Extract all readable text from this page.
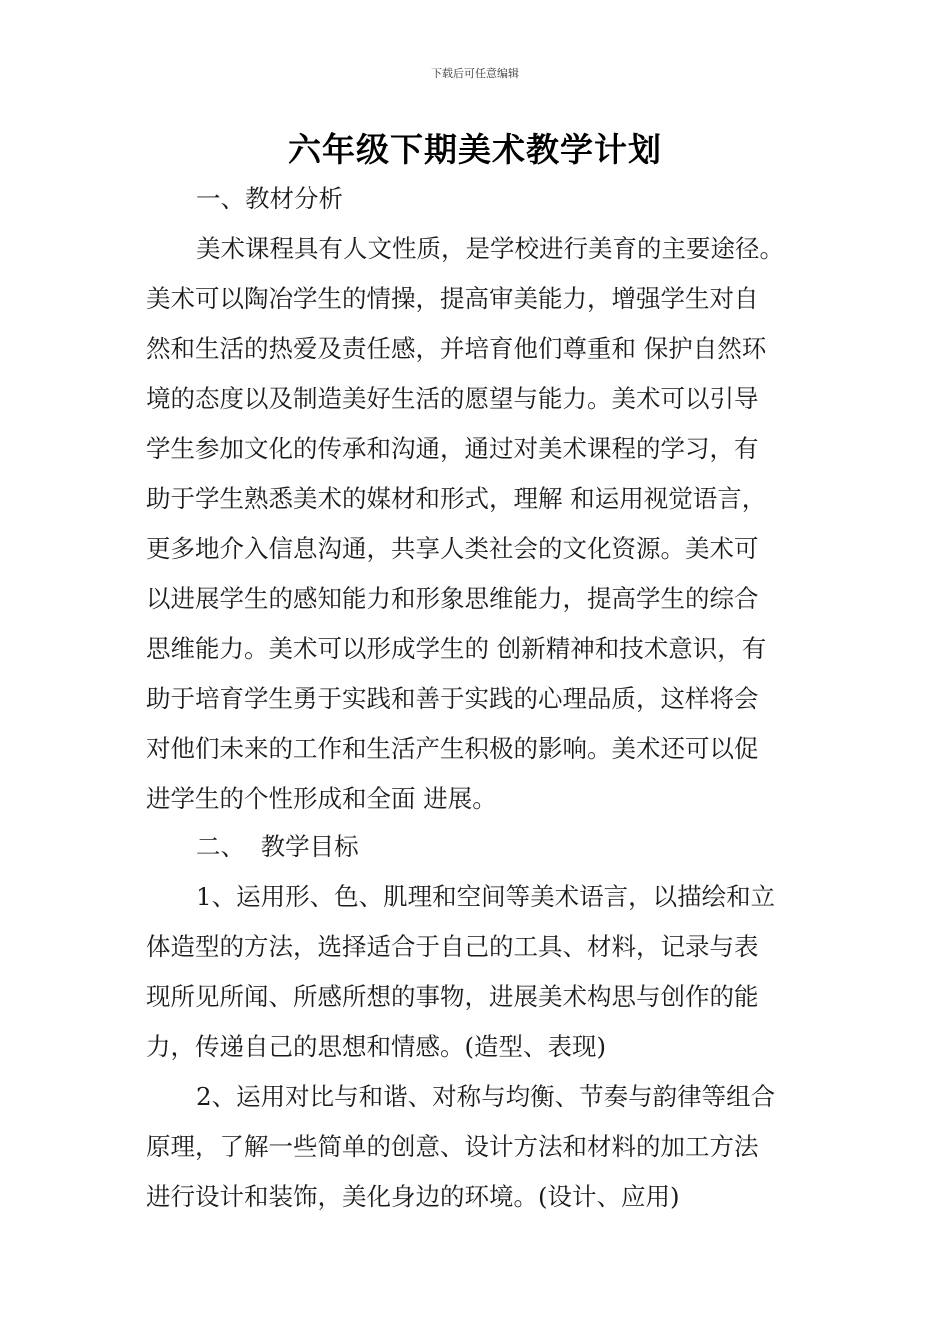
下载后可任意编辑
六年级下期美术教学计划
一、教材分析
美术课程具有人文性质，是学校进行美育的主要途径。
美术可以陶冶学生的情操，提高审美能力，增强学生对自
然和生活的热爱及责任感，并培育他们尊重和 保护自然环
境的态度以及制造美好生活的愿望与能力。美术可以引导
学生参加文化的传承和沟通，通过对美术课程的学习，有
助于学生熟悉美术的媒材和形式，理解 和运用视觉语言，
更多地介入信息沟通，共享人类社会的文化资源。美术可
以进展学生的感知能力和形象思维能力，提高学生的综合
思维能力。美术可以形成学生的 创新精神和技术意识，有
助于培育学生勇于实践和善于实践的心理品质，这样将会
对他们未来的工作和生活产生积极的影响。美术还可以促
进学生的个性形成和全面 进展。
二、  教学目标
1、运用形、色、肌理和空间等美术语言，以描绘和立
体造型的方法，选择适合于自己的工具、材料，记录与表
现所见所闻、所感所想的事物，进展美术构思与创作的能
力，传递自己的思想和情感。(造型、表现)
2、运用对比与和谐、对称与均衡、节奏与韵律等组合
原理，了解一些简单的创意、设计方法和材料的加工方法
进行设计和装饰，美化身边的环境。(设计、应用)
